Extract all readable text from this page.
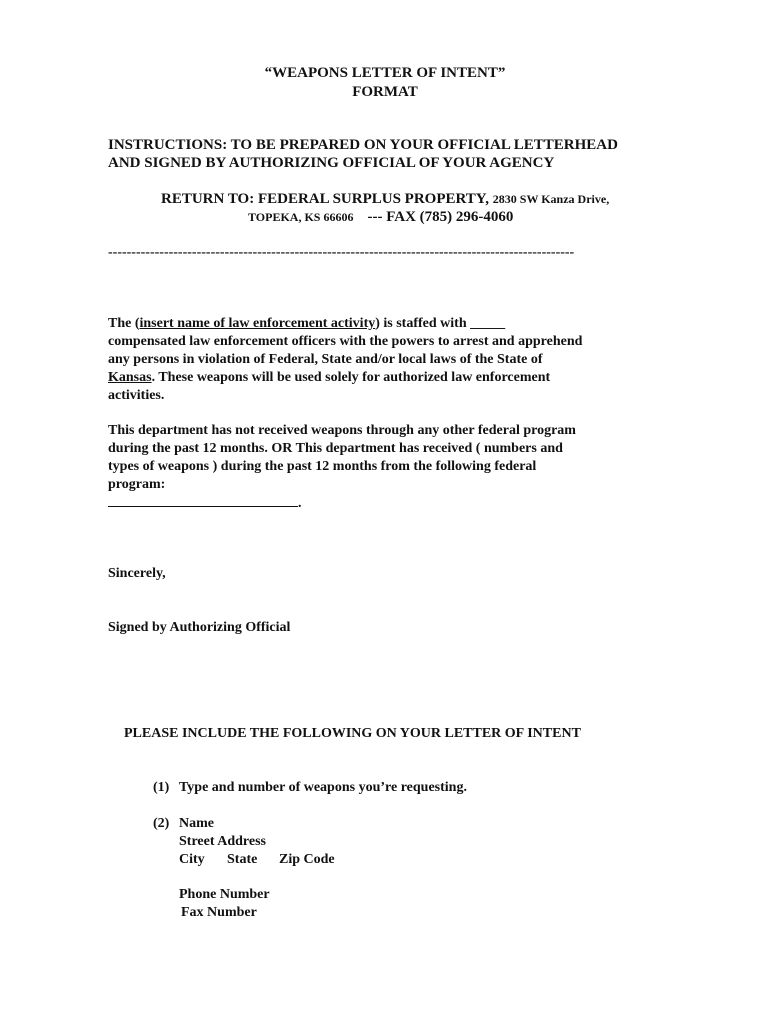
“WEAPONS LETTER OF INTENT”
FORMAT
INSTRUCTIONS: TO BE PREPARED ON YOUR OFFICIAL LETTERHEAD
AND SIGNED BY AUTHORIZING OFFICIAL OF YOUR AGENCY
RETURN TO: FEDERAL SURPLUS PROPERTY, 2830 SW Kanza Drive,
TOPEKA, KS 66606 --- FAX (785) 296-4060
----------------------------------------------------------------------------------------------------
The (insert name of law enforcement activity) is staffed with _____
compensated law enforcement officers with the powers to arrest and apprehend
any persons in violation of Federal, State and/or local laws of the State of
Kansas. These weapons will be used solely for authorized law enforcement
activities.
This department has not received weapons through any other federal program
during the past 12 months. OR This department has received ( numbers and
types of weapons ) during the past 12 months from the following federal
program:
.
Sincerely,
Signed by Authorizing Official
PLEASE INCLUDE THE FOLLOWING ON YOUR LETTER OF INTENT
(1) Type and number of weapons you’re requesting.
(2) Name
Street Address
City State Zip Code
Phone Number
Fax Number
